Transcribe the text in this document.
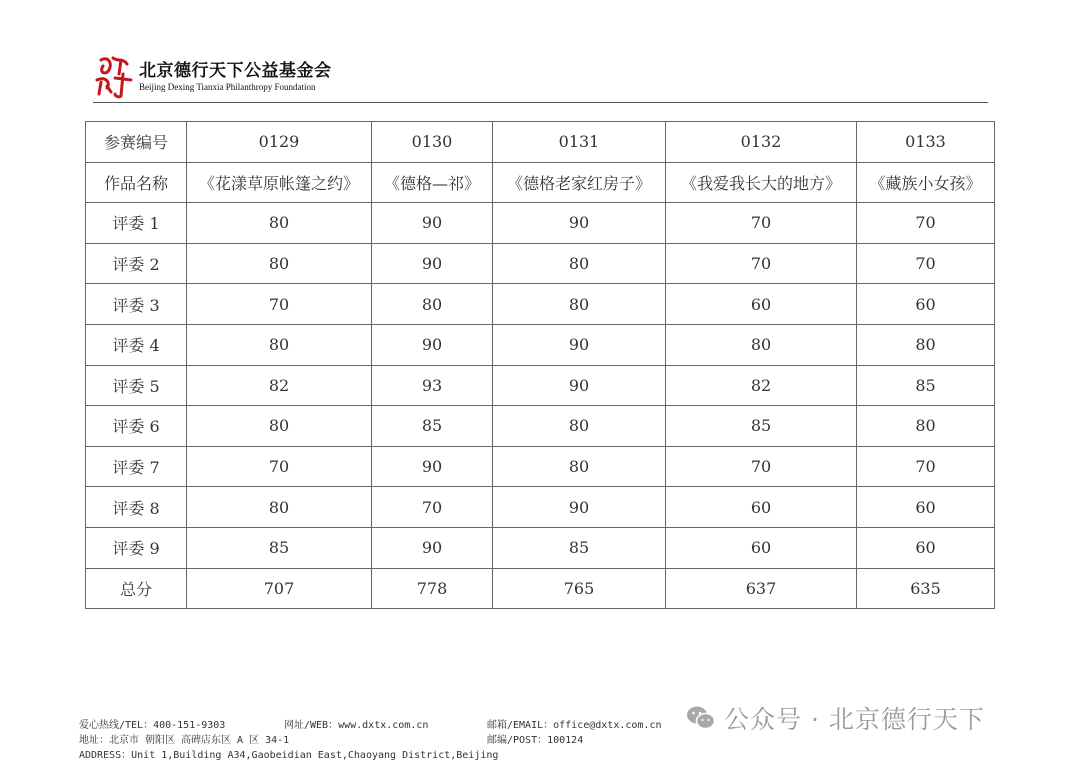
北京德行天下公益基金会
Beijing Dexing Tianxia Philanthropy Foundation
参赛编号	0129	0130	0131	0132	0133
作品名称	《花漾草原帐篷之约》	《德格—祁》	《德格老家红房子》	《我爱我长大的地方》	《藏族小女孩》
评委 1	80	90	90	70	70
评委 2	80	90	80	70	70
评委 3	70	80	80	60	60
评委 4	80	90	90	80	80
评委 5	82	93	90	82	85
评委 6	80	85	80	85	80
评委 7	70	90	80	70	70
评委 8	80	70	90	60	60
评委 9	85	90	85	60	60
总分	707	778	765	637	635
爱心热线/TEL：400-151-9303	网址/WEB：www.dxtx.com.cn	邮箱/EMAIL：office@dxtx.com.cn
地址：北京市 朝阳区 高碑店东区 A 区 34-1	邮编/POST：100124
ADDRESS：Unit 1,Building A34,Gaobeidian East,Chaoyang District,Beijing
公众号 · 北京德行天下
